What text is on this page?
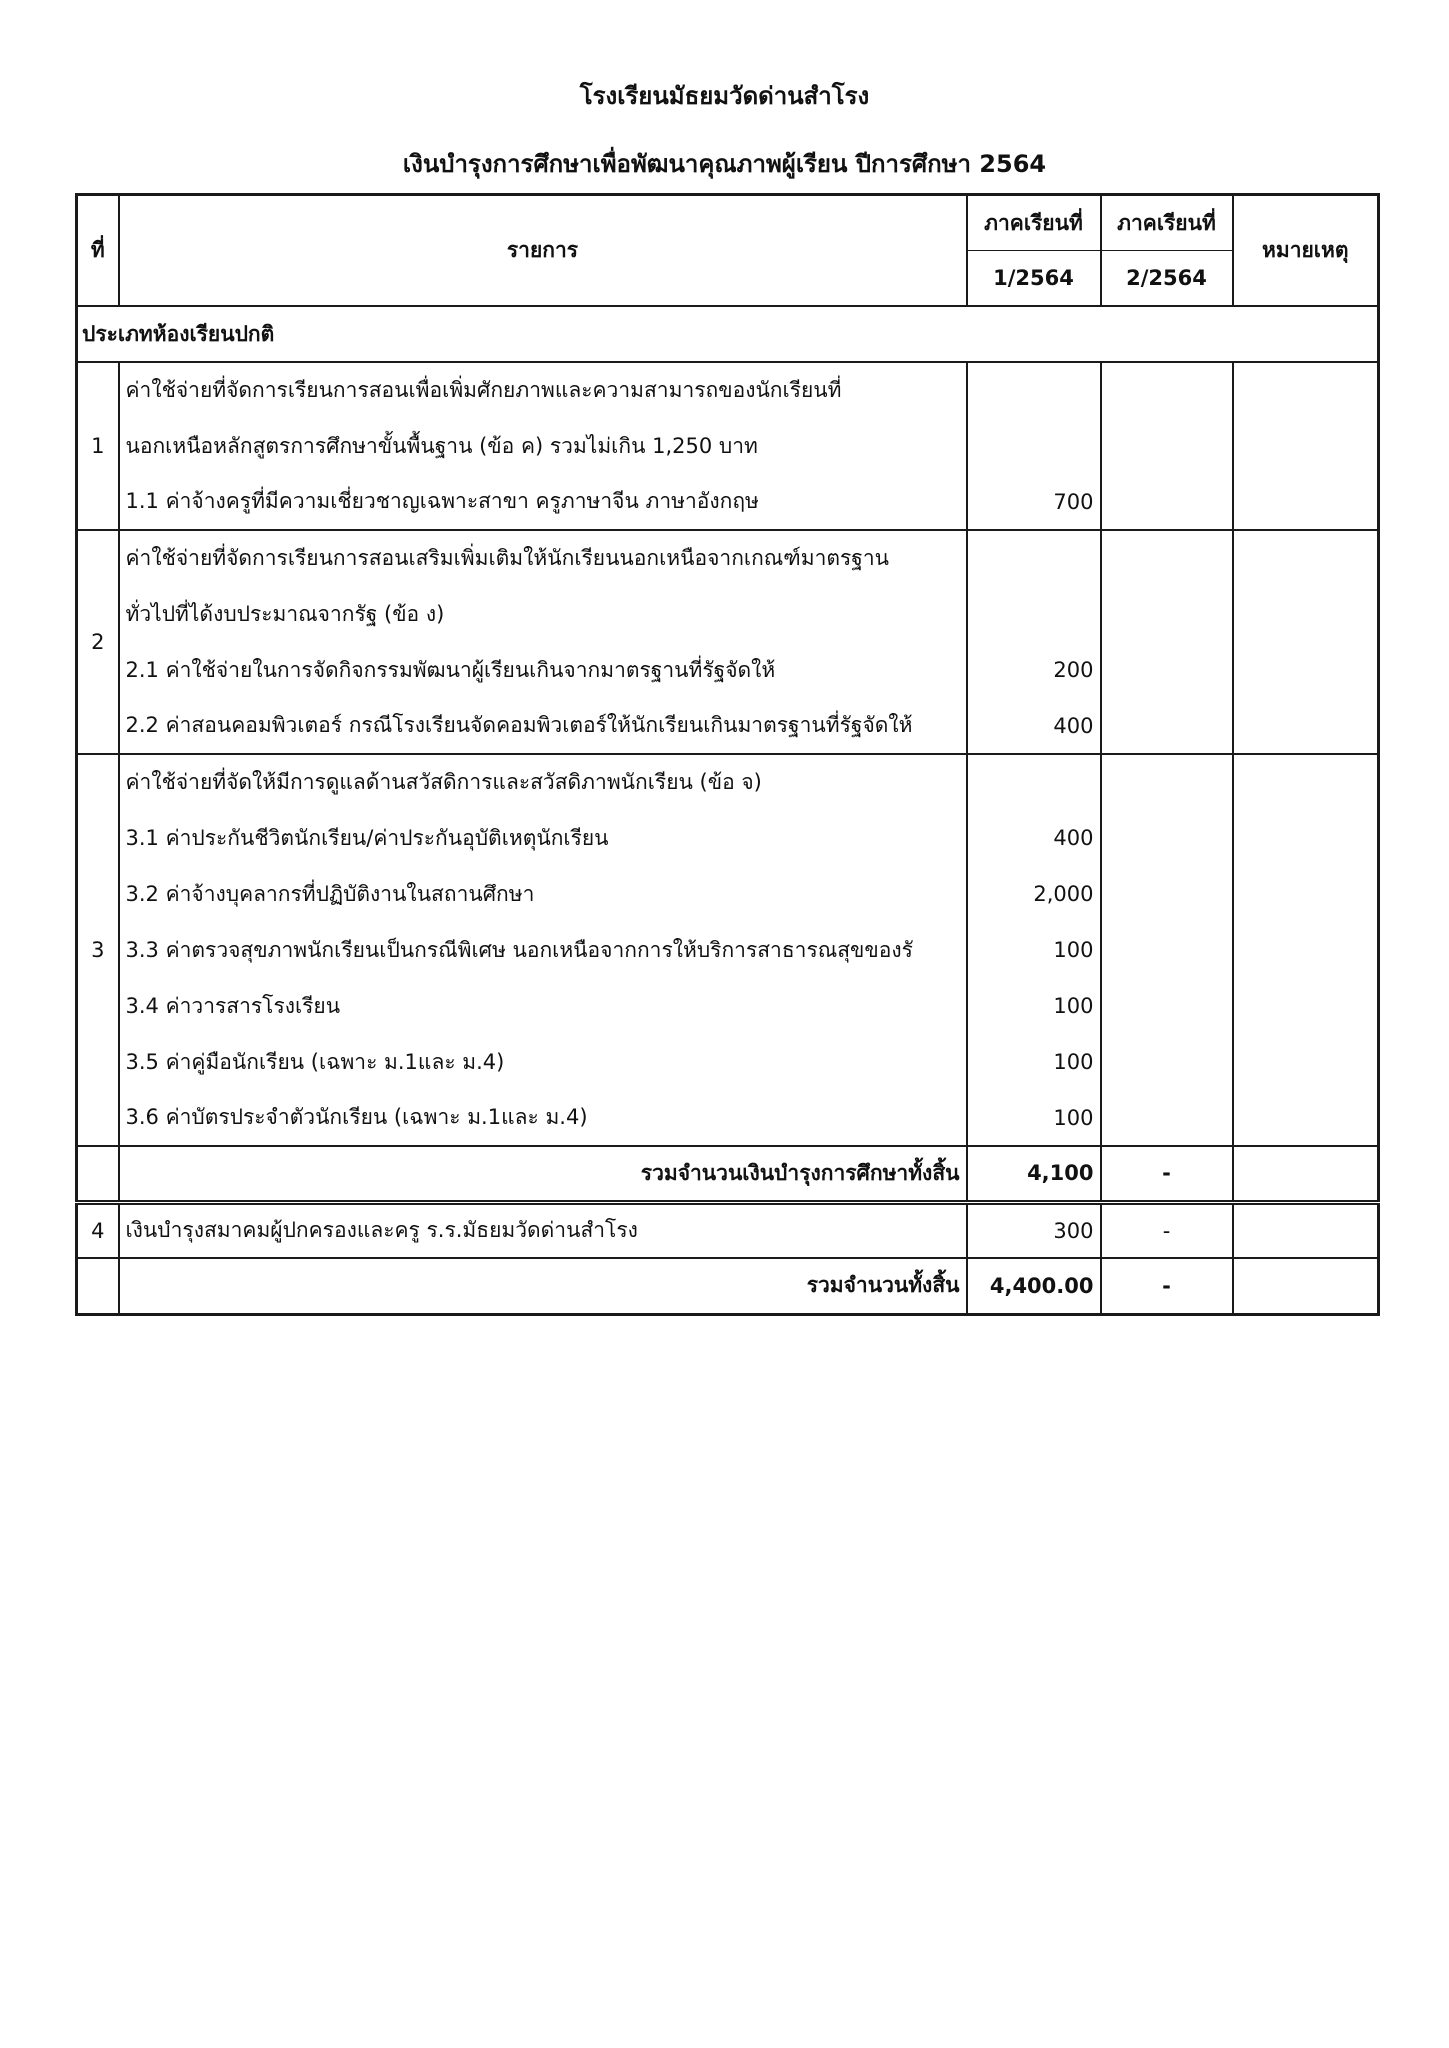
โรงเรียนมัธยมวัดด่านสำโรง
เงินบำรุงการศึกษาเพื่อพัฒนาคุณภาพผู้เรียน ปีการศึกษา 2564
ที่	รายการ	ภาคเรียนที่	ภาคเรียนที่	หมายเหตุ
		1/2564	2/2564	
ประเภทห้องเรียนปกติ				
1	ค่าใช้จ่ายที่จัดการเรียนการสอนเพื่อเพิ่มศักยภาพและความสามารถของนักเรียนที่			
	นอกเหนือหลักสูตรการศึกษาขั้นพื้นฐาน (ข้อ ค) รวมไม่เกิน 1,250 บาท			
	1.1 ค่าจ้างครูที่มีความเชี่ยวชาญเฉพาะสาขา ครูภาษาจีน ภาษาอังกฤษ	700		
2	ค่าใช้จ่ายที่จัดการเรียนการสอนเสริมเพิ่มเติมให้นักเรียนนอกเหนือจากเกณฑ์มาตรฐาน			
	ทั่วไปที่ได้งบประมาณจากรัฐ (ข้อ ง)			
	2.1 ค่าใช้จ่ายในการจัดกิจกรรมพัฒนาผู้เรียนเกินจากมาตรฐานที่รัฐจัดให้	200		
	2.2 ค่าสอนคอมพิวเตอร์ กรณีโรงเรียนจัดคอมพิวเตอร์ให้นักเรียนเกินมาตรฐานที่รัฐจัดให้	400		
3	ค่าใช้จ่ายที่จัดให้มีการดูแลด้านสวัสดิการและสวัสดิภาพนักเรียน (ข้อ จ)			
	3.1 ค่าประกันชีวิตนักเรียน/ค่าประกันอุบัติเหตุนักเรียน	400		
	3.2 ค่าจ้างบุคลากรที่ปฏิบัติงานในสถานศึกษา	2,000		
	3.3 ค่าตรวจสุขภาพนักเรียนเป็นกรณีพิเศษ นอกเหนือจากการให้บริการสาธารณสุขของรั	100		
	3.4 ค่าวารสารโรงเรียน	100		
	3.5 ค่าคู่มือนักเรียน (เฉพาะ ม.1และ ม.4)	100		
	3.6 ค่าบัตรประจำตัวนักเรียน (เฉพาะ ม.1และ ม.4)	100		
	รวมจำนวนเงินบำรุงการศึกษาทั้งสิ้น	4,100	-	
4	เงินบำรุงสมาคมผู้ปกครองและครู ร.ร.มัธยมวัดด่านสำโรง	300	-	
	รวมจำนวนทั้งสิ้น	4,400.00	-	
